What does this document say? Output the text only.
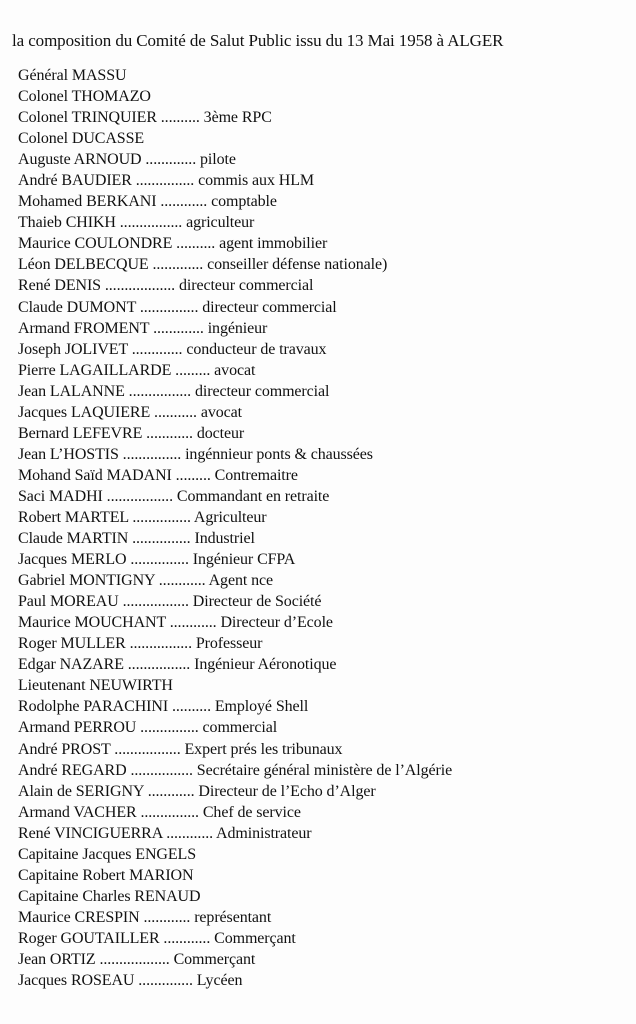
la composition du Comité de Salut Public issu du 13 Mai 1958 à ALGER
Général MASSU
Colonel THOMAZO
Colonel TRINQUIER .......... 3ème RPC
Colonel DUCASSE
Auguste ARNOUD ............. pilote
André BAUDIER ............... commis aux HLM
Mohamed BERKANI ............ comptable
Thaieb CHIKH ................ agriculteur
Maurice COULONDRE .......... agent immobilier
Léon DELBECQUE ............. conseiller défense nationale)
René DENIS .................. directeur commercial
Claude DUMONT ............... directeur commercial
Armand FROMENT ............. ingénieur
Joseph JOLIVET ............. conducteur de travaux
Pierre LAGAILLARDE ......... avocat
Jean LALANNE ................ directeur commercial
Jacques LAQUIERE ........... avocat
Bernard LEFEVRE ............ docteur
Jean L’HOSTIS ............... ingénnieur ponts & chaussées
Mohand Saïd MADANI ......... Contremaitre
Saci MADHI ................. Commandant en retraite
Robert MARTEL ............... Agriculteur
Claude MARTIN ............... Industriel
Jacques MERLO ............... Ingénieur CFPA
Gabriel MONTIGNY ............ Agent nce
Paul MOREAU ................. Directeur de Société
Maurice MOUCHANT ............ Directeur d’Ecole
Roger MULLER ................ Professeur
Edgar NAZARE ................ Ingénieur Aéronotique
Lieutenant NEUWIRTH
Rodolphe PARACHINI .......... Employé Shell
Armand PERROU ............... commercial
André PROST ................. Expert prés les tribunaux
André REGARD ................ Secrétaire général ministère de l’Algérie
Alain de SERIGNY ............ Directeur de l’Echo d’Alger
Armand VACHER ............... Chef de service
René VINCIGUERRA ............ Administrateur
Capitaine Jacques ENGELS
Capitaine Robert MARION
Capitaine Charles RENAUD
Maurice CRESPIN ............ représentant
Roger GOUTAILLER ............ Commerçant
Jean ORTIZ .................. Commerçant
Jacques ROSEAU .............. Lycéen
